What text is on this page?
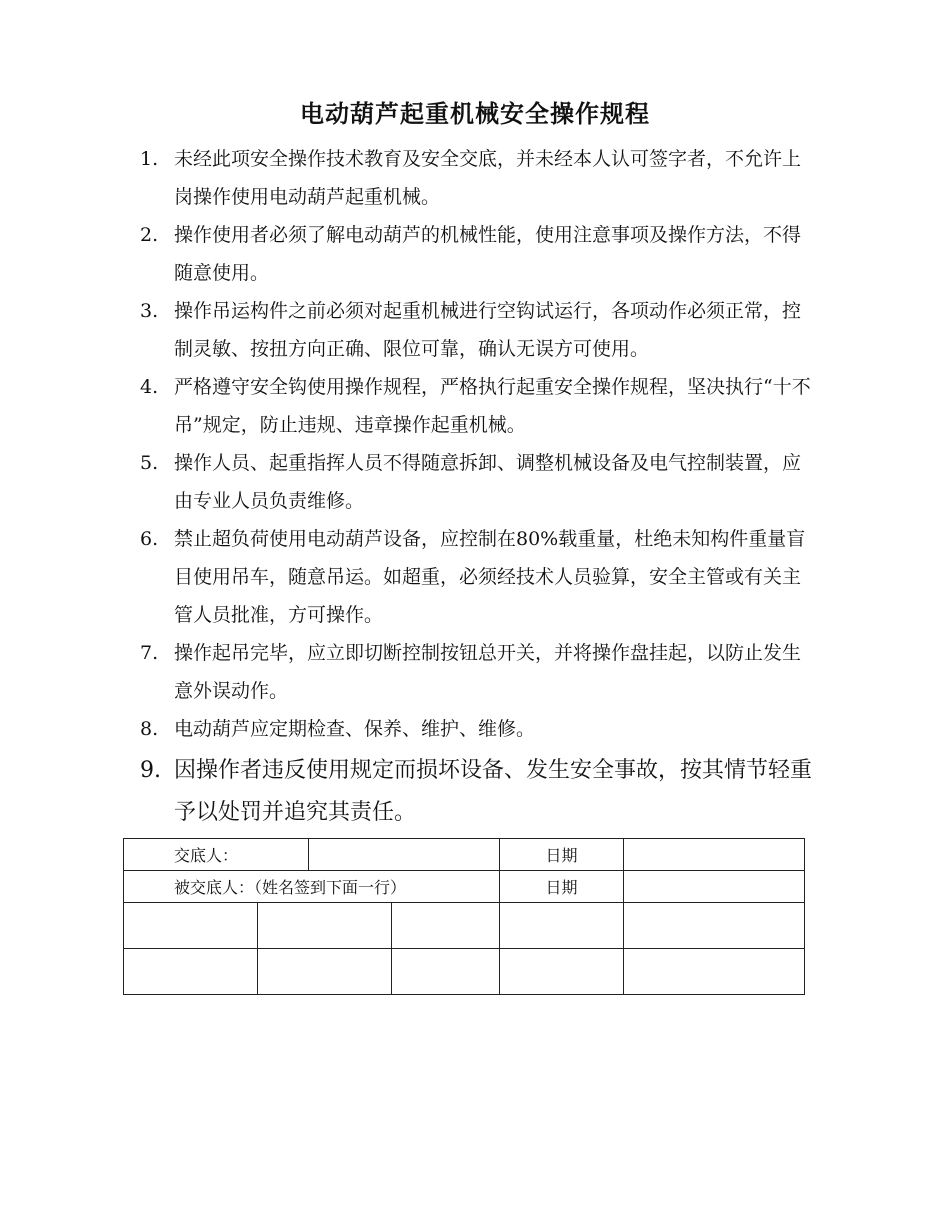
电动葫芦起重机械安全操作规程
1. 未经此项安全操作技术教育及安全交底，并未经本人认可签字者，不允许上岗操作使用电动葫芦起重机械。
2. 操作使用者必须了解电动葫芦的机械性能，使用注意事项及操作方法，不得随意使用。
3. 操作吊运构件之前必须对起重机械进行空钩试运行，各项动作必须正常，控制灵敏、按扭方向正确、限位可靠，确认无误方可使用。
4. 严格遵守安全钩使用操作规程，严格执行起重安全操作规程，坚决执行“十不吊”规定，防止违规、违章操作起重机械。
5. 操作人员、起重指挥人员不得随意拆卸、调整机械设备及电气控制装置，应由专业人员负责维修。
6. 禁止超负荷使用电动葫芦设备，应控制在80%载重量，杜绝未知构件重量盲目使用吊车，随意吊运。如超重，必须经技术人员验算，安全主管或有关主管人员批准，方可操作。
7. 操作起吊完毕，应立即切断控制按钮总开关，并将操作盘挂起，以防止发生意外误动作。
8. 电动葫芦应定期检查、保养、维护、维修。
9. 因操作者违反使用规定而损坏设备、发生安全事故，按其情节轻重予以处罚并追究其责任。
交底人：				日期	
被交底人：（姓名签到下面一行）				日期	
